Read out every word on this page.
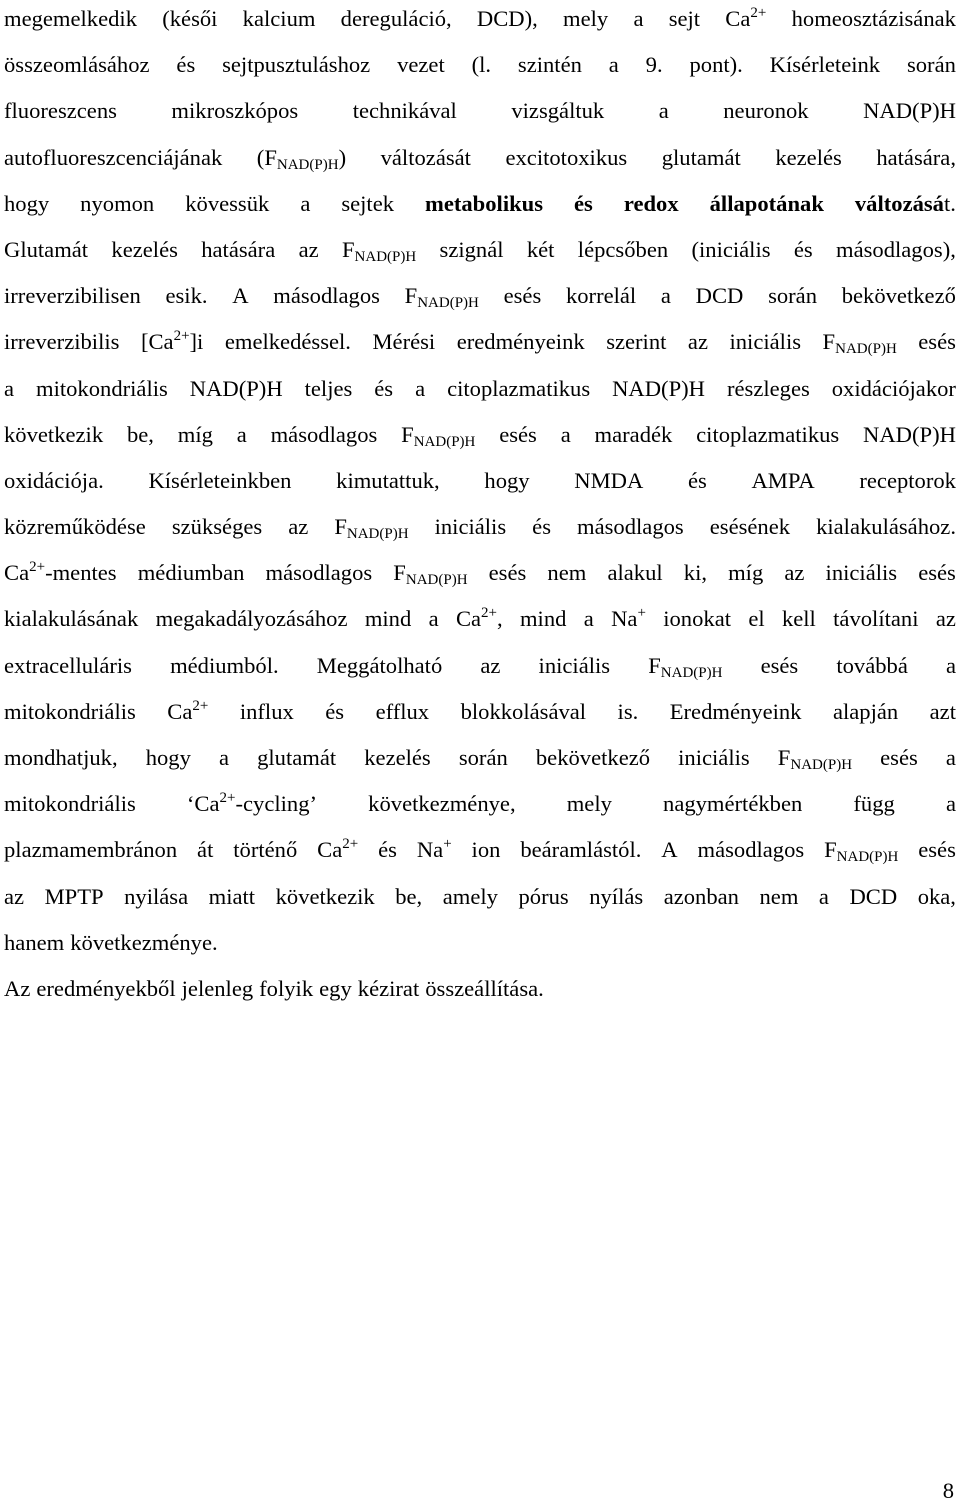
megemelkedik (késői kalcium dereguláció, DCD), mely a sejt $Ca^{2+}$ homeosztázisának
összeomlásához és sejtpusztuláshoz vezet (l. szintén a 9. pont). Kísérleteink során
fluoreszcens mikroszkópos technikával vizsgáltuk a neuronok NAD(P)H
autofluoreszcenciájának $(F_{NAD(P)H})$ változását excitotoxikus glutamát kezelés hatására,
hogy nyomon kövessük a sejtek metabolikus és redox állapotának változását.
Glutamát kezelés hatására az $F_{NAD(P)H}$ szignál két lépcsőben (iniciális és másodlagos),
irreverzibilisen esik. A másodlagos $F_{NAD(P)H}$ esés korrelál a DCD során bekövetkező
irreverzibilis $[Ca^{2+}]i$ emelkedéssel. Mérési eredményeink szerint az iniciális $F_{NAD(P)H}$ esés
a mitokondriális NAD(P)H teljes és a citoplazmatikus NAD(P)H részleges oxidációjakor
következik be, míg a másodlagos $F_{NAD(P)H}$ esés a maradék citoplazmatikus NAD(P)H
oxidációja. Kísérleteinkben kimutattuk, hogy NMDA és AMPA receptorok
közreműködése szükséges az $F_{NAD(P)H}$ iniciális és másodlagos esésének kialakulásához.
$Ca^{2+}$-mentes médiumban másodlagos $F_{NAD(P)H}$ esés nem alakul ki, míg az iniciális esés
kialakulásának megakadályozásához mind a $Ca^{2+}$, mind a Na+ ionokat el kell távolítani az
extracelluláris médiumból. Meggátolható az iniciális $F_{NAD(P)H}$ esés továbbá a
mitokondriális $Ca^{2+}$ influx és efflux blokkolásával is. Eredményeink alapján azt
mondhatjuk, hogy a glutamát kezelés során bekövetkező iniciális $F_{NAD(P)H}$ esés a
mitokondriális ‘$Ca^{2+}$-cycling’ következménye, mely nagymértékben függ a
plazmamembránon át történő $Ca^{2+}$ és Na+ ion beáramlástól. A másodlagos $F_{NAD(P)H}$ esés
az MPTP nyilása miatt következik be, amely pórus nyílás azonban nem a DCD oka,
hanem következménye.
Az eredményekből jelenleg folyik egy kézirat összeállítása.
8
